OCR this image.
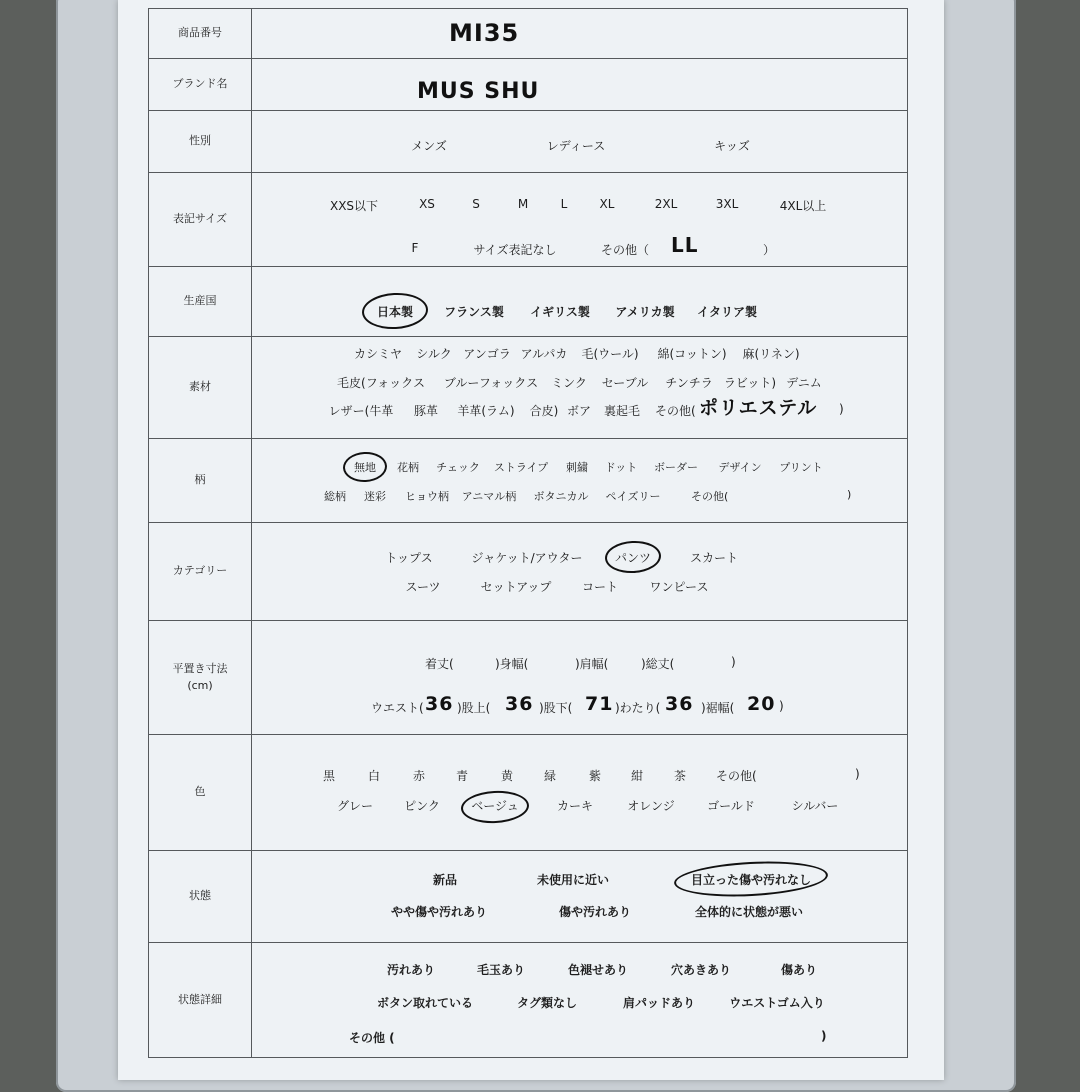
商品番号	MI35
ブランド名	MUS SHU
性別	メンズ	レディース	キッズ
表記サイズ
XXS以下	XS	S	M	L	XL	2XL	3XL	4XL以上
F	サイズ表記なし	その他（ LL	）
生産国
日本製	フランス製 イギリス製 アメリカ製 イタリア製
素材
カシミヤ シルク アンゴラ アルパカ 毛(ウール) 綿(コットン) 麻(リネン)
毛皮(フォックス ブルーフォックス ミンク セーブル チンチラ ラビット) デニム
レザー(牛革 豚革 羊革(ラム) 合皮) ボア 裏起毛 その他( ポリエステル )
柄
無地 花柄 チェック ストライプ 刺繍 ドット ボーダー デザイン プリント
総柄 迷彩 ヒョウ柄 アニマル柄 ボタニカル ペイズリー	その他(	)
カテゴリー
トップス	ジャケット/アウター	パンツ	スカート
スーツ	セットアップ	コート	ワンピース
平置き寸法
(cm)
着丈(	)身幅(	)肩幅(	)総丈(	)
ウエスト( 36 )股上( 36 )股下( 71 )わたり( 36 )裾幅( 20 )
色
黒	白	赤	青	黄	緑	紫 紺	茶 その他(	)
グレー	ピンク	ベージュ	カーキ	オレンジ	ゴールド	シルバー
状態
新品	未使用に近い	目立った傷や汚れなし
やや傷や汚れあり	傷や汚れあり	全体的に状態が悪い
状態詳細
汚れあり	毛玉あり	色褪せあり	穴あきあり	傷あり
ボタン取れている	タグ類なし	肩パッドあり	ウエストゴム入り
その他 (	)
